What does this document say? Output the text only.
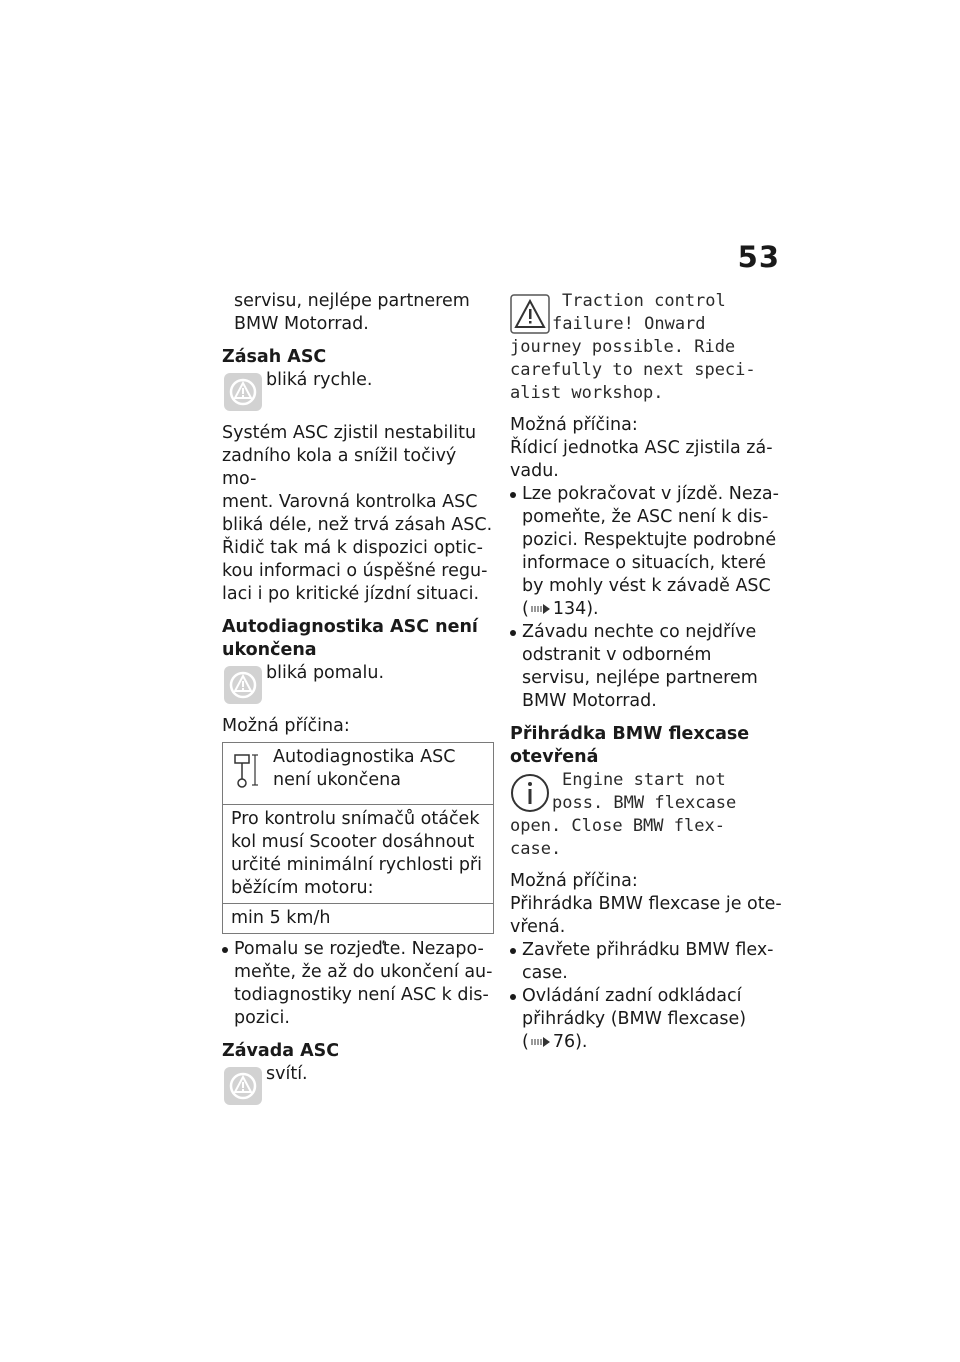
53

servisu, nejlépe partnerem

BMW Motorrad.

Zásah ASC
bliká rychle.

Systém ASC zjistil nestabilitu

zadního kola a snížil točivý mo-

ment. Varovná kontrolka ASC

bliká déle, než trvá zásah ASC.

Řidič tak má k dispozici optic-

kou informaci o úspěšné regu-

laci i po kritické jízdní situaci.

Autodiagnostika ASC není
ukončena
bliká pomalu.

Možná příčina:

Autodiagnostika ASC
není ukončena
Pro kontrolu snímačů otáček
kol musí Scooter dosáhnout
určité minimální rychlosti při
běžícím motoru:
min 5 km/h
Pomalu se rozjeďte. Nezapo-
meňte, že až do ukončení au-
todiagnostiky není ASC k dis-
pozici.
Závada ASC
svítí.
Traction control
failure! Onward
journey possible. Ride
carefully to next speci-
alist workshop.

Možná příčina:

Řídicí jednotka ASC zjistila zá-

vadu.

Lze pokračovat v jízdě. Neza-
pomeňte, že ASC není k dis-
pozici. Respektujte podrobné
informace o situacích, které
by mohly vést k závadě ASC
( 134).
Závadu nechte co nejdříve
odstranit v odborném
servisu, nejlépe partnerem
BMW Motorrad.
Přihrádka BMW flexcase
otevřená
Engine start not
poss. BMW flexcase
open. Close BMW flex-
case.

Možná příčina:

Přihrádka BMW flexcase je ote-

vřená.

Zavřete přihrádku BMW flex-
case.
Ovládání zadní odkládací
přihrádky (BMW flexcase)
( 76).
